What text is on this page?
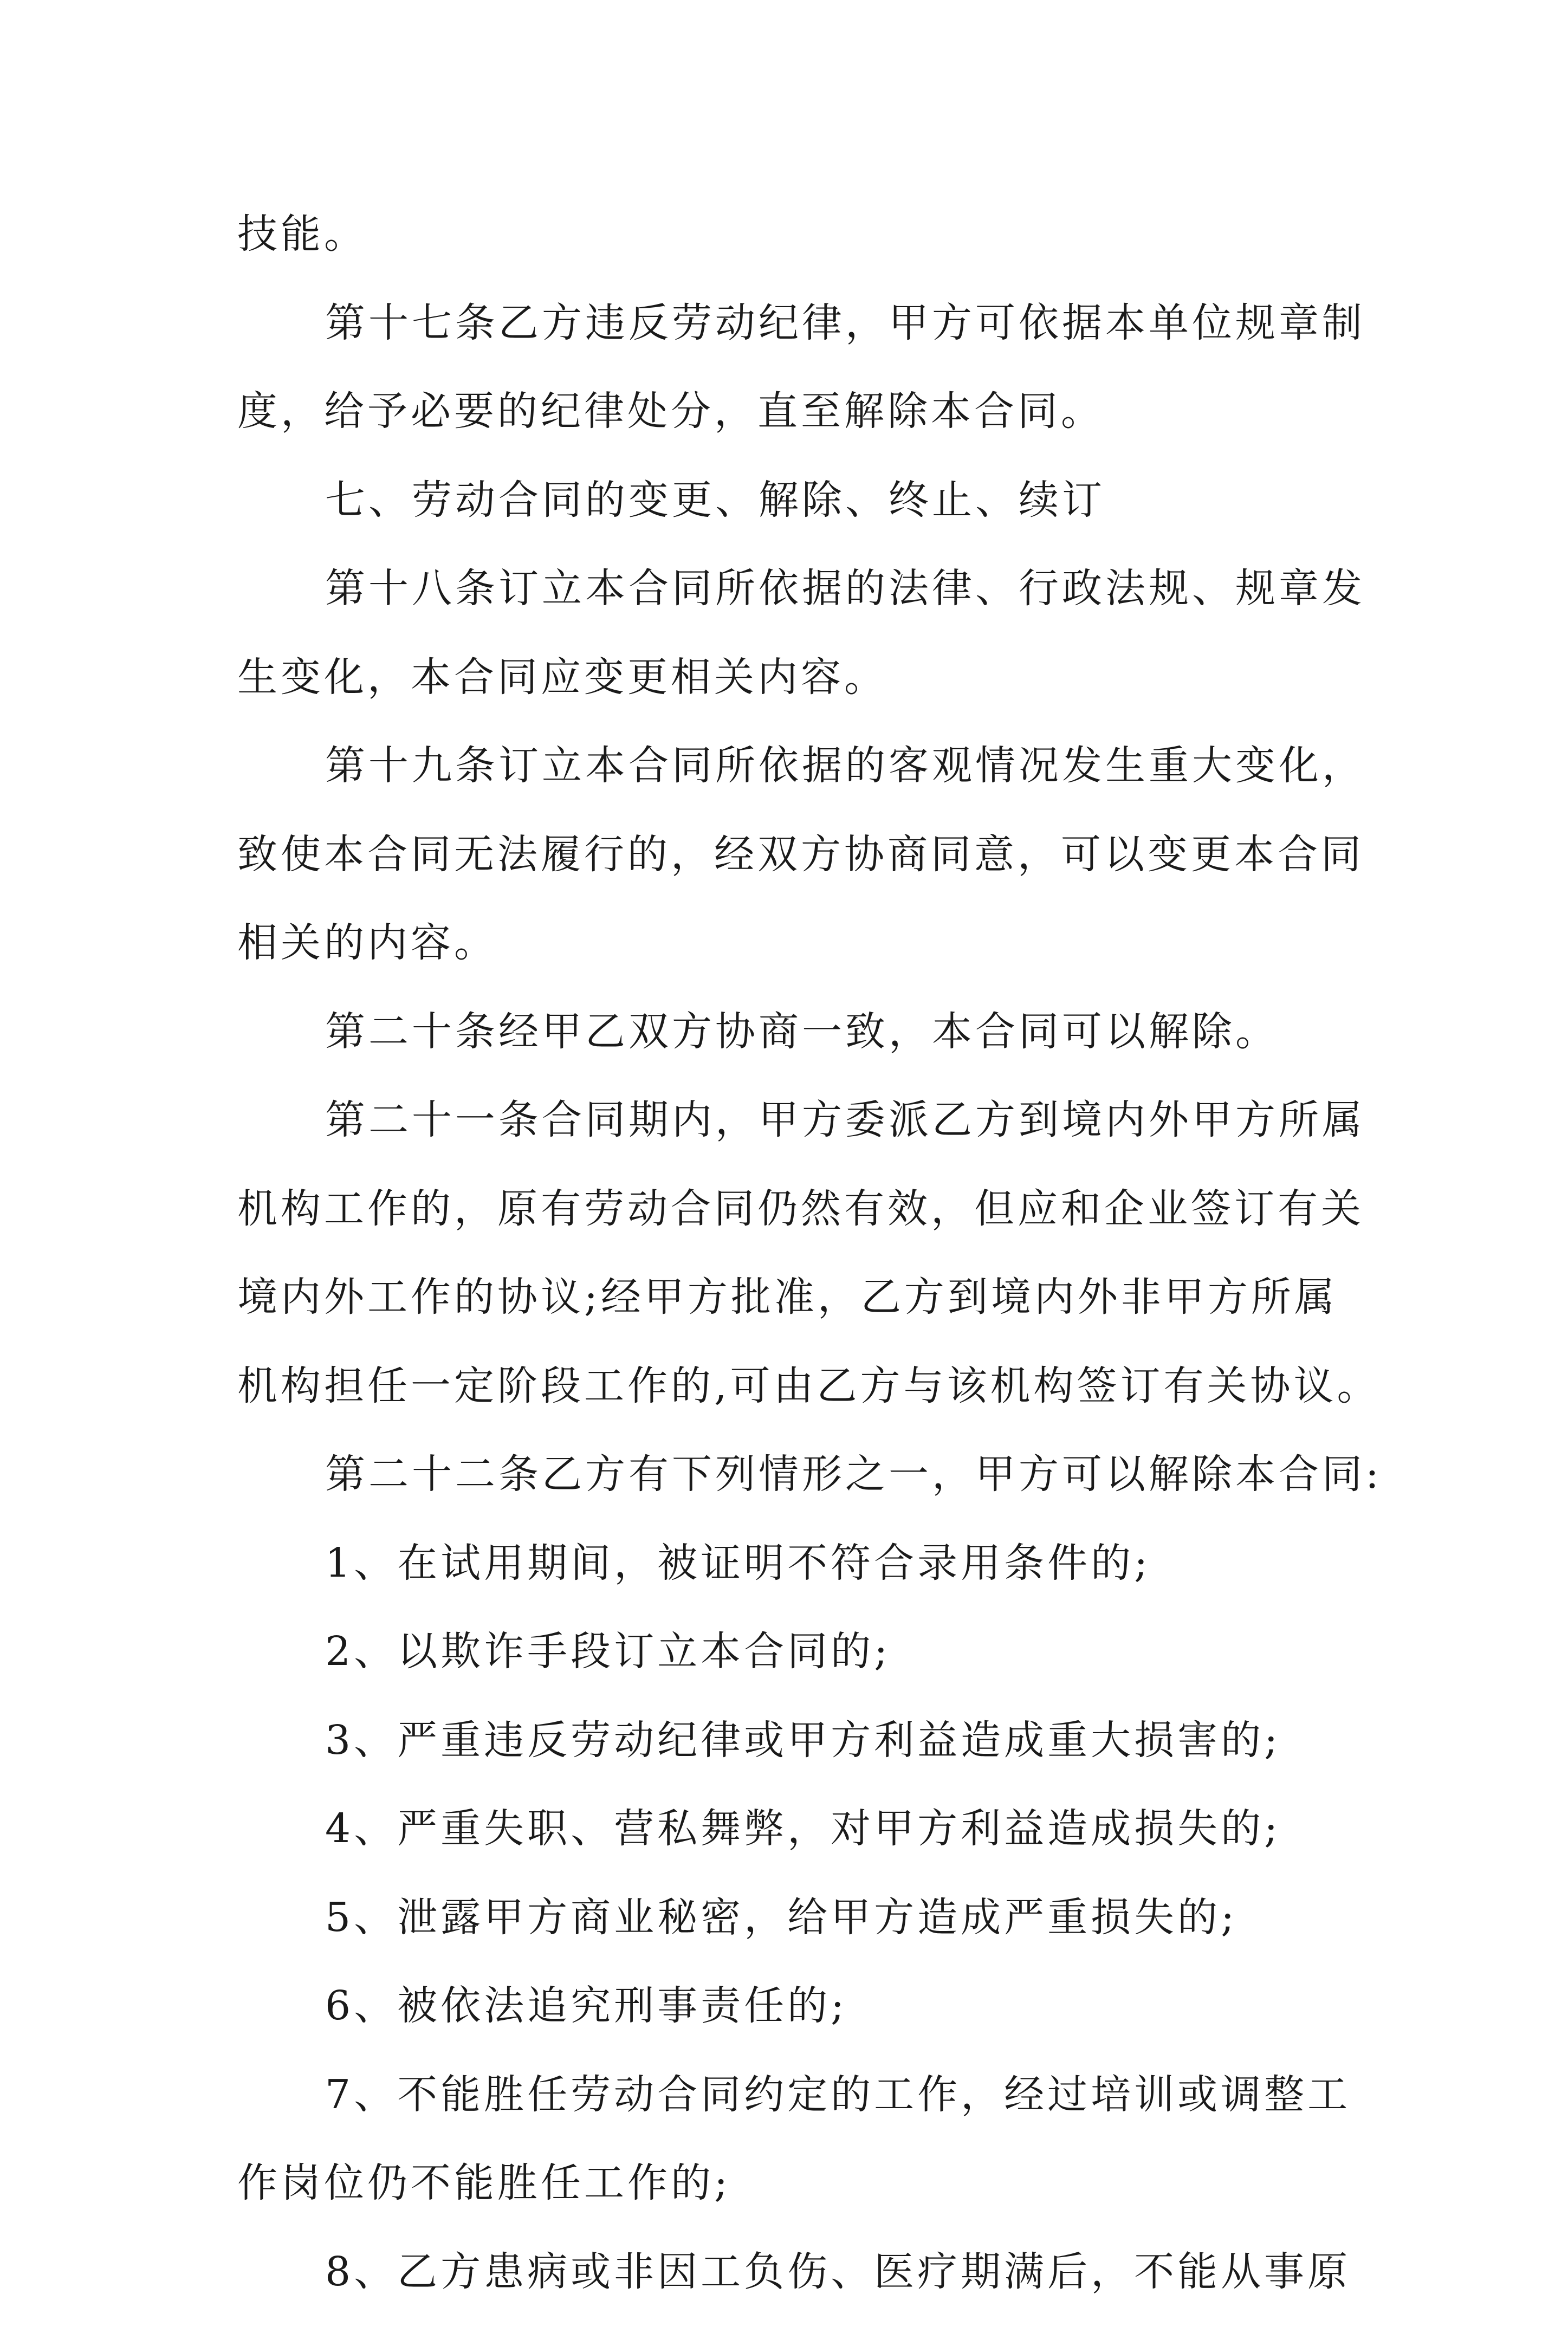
技能。
第十七条乙方违反劳动纪律，甲方可依据本单位规章制
度，给予必要的纪律处分，直至解除本合同。
七、劳动合同的变更、解除、终止、续订
第十八条订立本合同所依据的法律、行政法规、规章发
生变化，本合同应变更相关内容。
第十九条订立本合同所依据的客观情况发生重大变化，
致使本合同无法履行的，经双方协商同意，可以变更本合同
相关的内容。
第二十条经甲乙双方协商一致，本合同可以解除。
第二十一条合同期内，甲方委派乙方到境内外甲方所属
机构工作的，原有劳动合同仍然有效，但应和企业签订有关
境内外工作的协议;经甲方批准，乙方到境内外非甲方所属
机构担任一定阶段工作的,可由乙方与该机构签订有关协议。
第二十二条乙方有下列情形之一，甲方可以解除本合同:
1、在试用期间，被证明不符合录用条件的;
2、以欺诈手段订立本合同的;
3、严重违反劳动纪律或甲方利益造成重大损害的;
4、严重失职、营私舞弊，对甲方利益造成损失的;
5、泄露甲方商业秘密，给甲方造成严重损失的;
6、被依法追究刑事责任的;
7、不能胜任劳动合同约定的工作，经过培训或调整工
作岗位仍不能胜任工作的;
8、乙方患病或非因工负伤、医疗期满后，不能从事原
